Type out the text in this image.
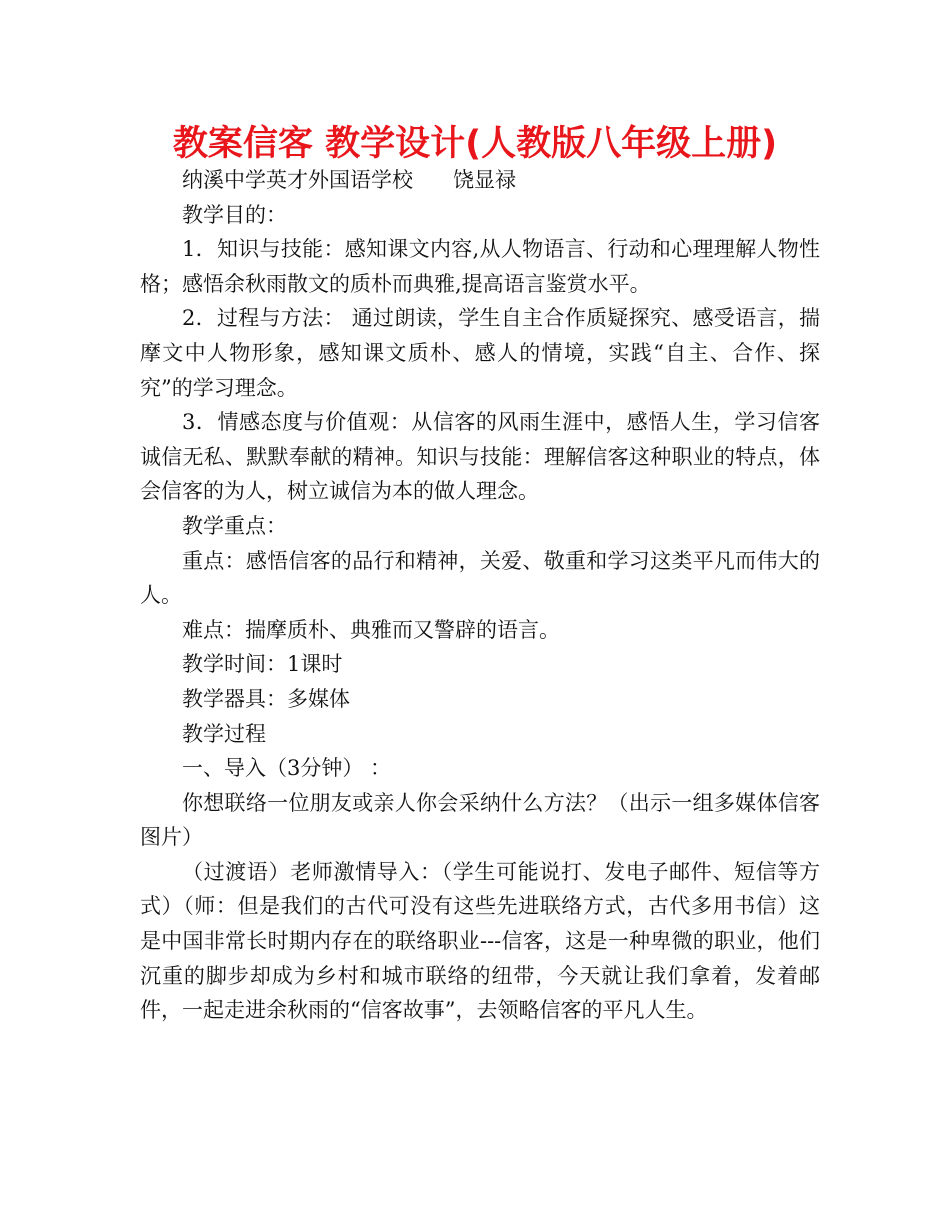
教案信客 教学设计(人教版八年级上册)

纳溪中学英才外国语学校      饶显禄

教学目的：

1．知识与技能：感知课文内容,从人物语言、行动和心理理解人物性格；感悟余秋雨散文的质朴而典雅,提高语言鉴赏水平。

2．过程与方法： 通过朗读，学生自主合作质疑探究、感受语言，揣摩文中人物形象，感知课文质朴、感人的情境，实践“自主、合作、探究”的学习理念。

3．情感态度与价值观：从信客的风雨生涯中，感悟人生，学习信客诚信无私、默默奉献的精神。知识与技能：理解信客这种职业的特点，体会信客的为人，树立诚信为本的做人理念。

教学重点：

重点：感悟信客的品行和精神，关爱、敬重和学习这类平凡而伟大的人。

难点：揣摩质朴、典雅而又警辟的语言。

教学时间：1课时

教学器具：多媒体

教学过程

一、导入（3分钟） ：

你想联络一位朋友或亲人你会采纳什么方法？（出示一组多媒体信客图片）

（过渡语）老师激情导入：（学生可能说打、发电子邮件、短信等方式）（师：但是我们的古代可没有这些先进联络方式，古代多用书信）这是中国非常长时期内存在的联络职业---信客，这是一种卑微的职业，他们沉重的脚步却成为乡村和城市联络的纽带，今天就让我们拿着，发着邮件，一起走进余秋雨的“信客故事”，去领略信客的平凡人生。
